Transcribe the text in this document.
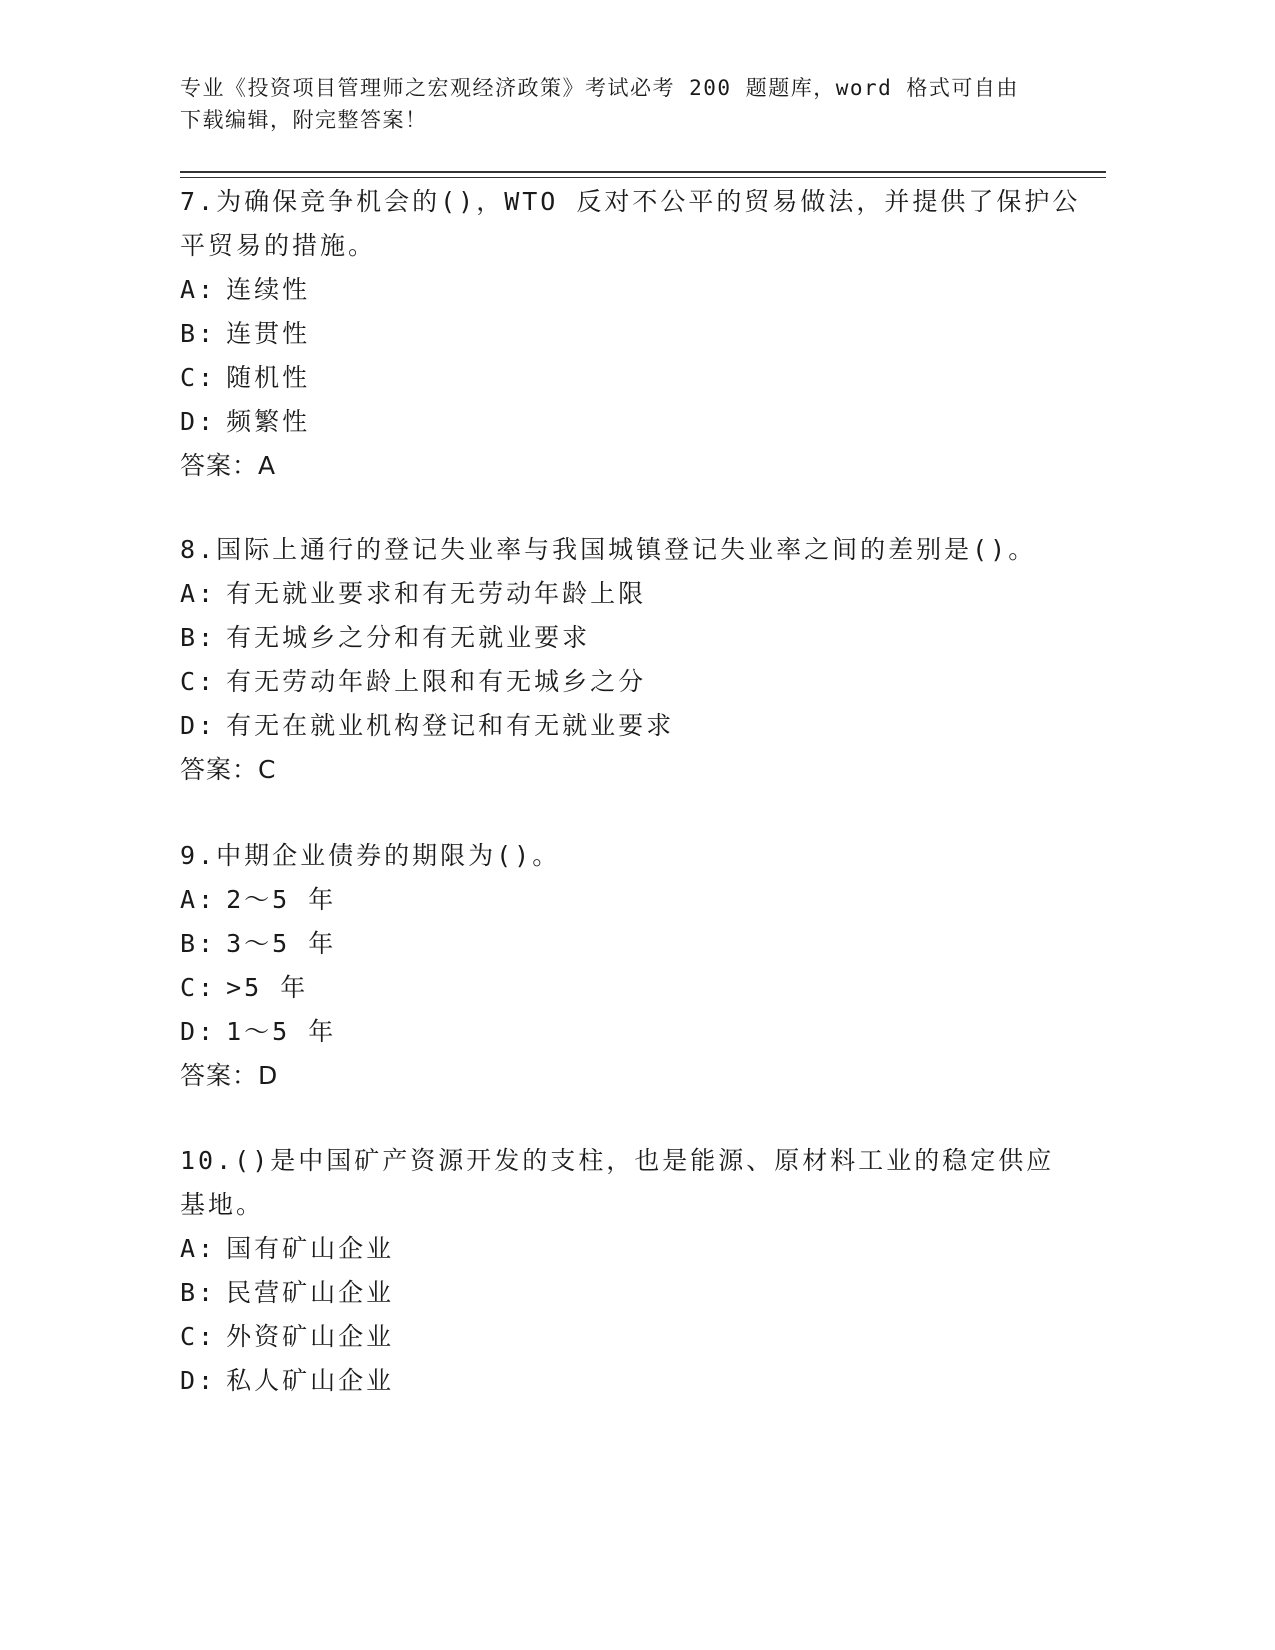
专业《投资项目管理师之宏观经济政策》考试必考 200 题题库，word 格式可自由
下载编辑，附完整答案！
7.为确保竞争机会的()，WTO 反对不公平的贸易做法，并提供了保护公
平贸易的措施。
A: 连续性
B: 连贯性
C: 随机性
D: 频繁性
答案：A
8.国际上通行的登记失业率与我国城镇登记失业率之间的差别是()。
A: 有无就业要求和有无劳动年龄上限
B: 有无城乡之分和有无就业要求
C: 有无劳动年龄上限和有无城乡之分
D: 有无在就业机构登记和有无就业要求
答案：C
9.中期企业债券的期限为()。
A: 2～5 年
B: 3～5 年
C: >5 年
D: 1～5 年
答案：D
10.()是中国矿产资源开发的支柱，也是能源、原材料工业的稳定供应
基地。
A: 国有矿山企业
B: 民营矿山企业
C: 外资矿山企业
D: 私人矿山企业
